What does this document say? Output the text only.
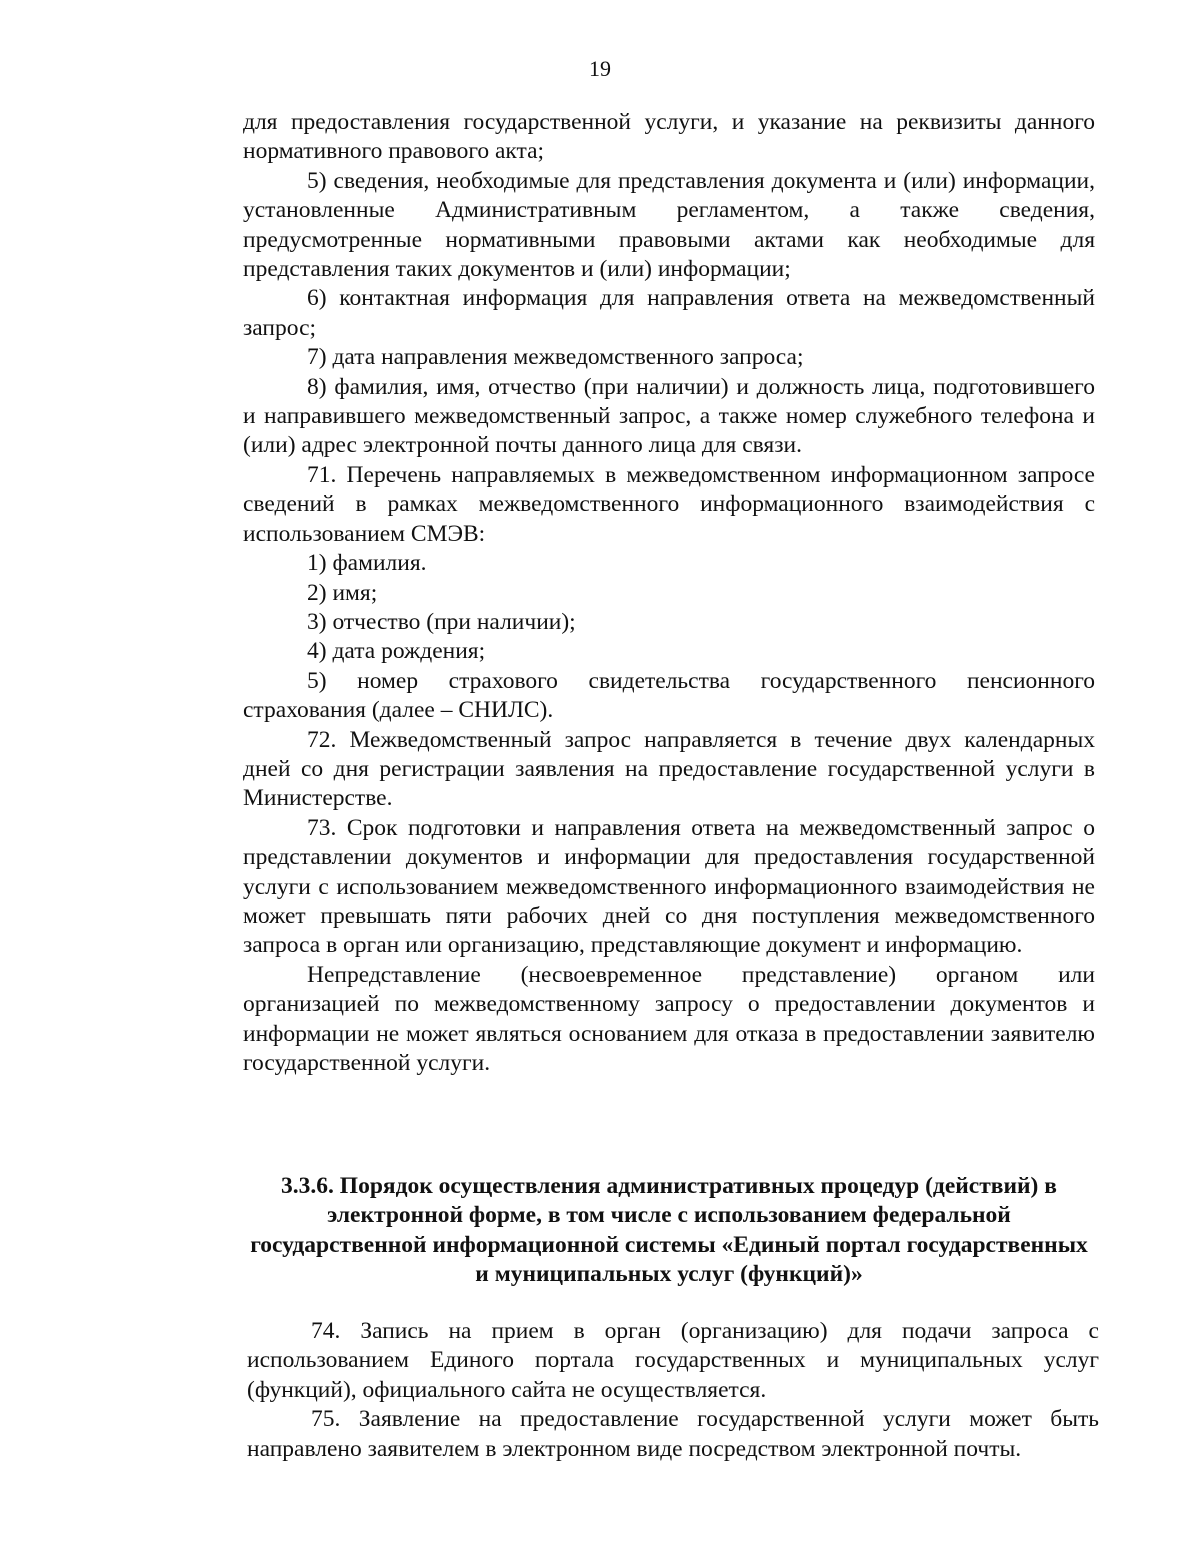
19

для предоставления государственной услуги, и указание на реквизиты данного нормативного правового акта;

5) сведения, необходимые для представления документа и (или) информации, установленные Административным регламентом, а также сведения, предусмотренные нормативными правовыми актами как необходимые для представления таких документов и (или) информации;

6) контактная информация для направления ответа на межведомственный запрос;

7) дата направления межведомственного запроса;

8) фамилия, имя, отчество (при наличии) и должность лица, подготовившего и направившего межведомственный запрос, а также номер служебного телефона и (или) адрес электронной почты данного лица для связи.

71. Перечень направляемых в межведомственном информационном запросе сведений в рамках межведомственного информационного взаимодействия с использованием СМЭВ:

1) фамилия.

2) имя;

3) отчество (при наличии);

4) дата рождения;

5) номер страхового свидетельства государственного пенсионного страхования (далее – СНИЛС).

72. Межведомственный запрос направляется в течение двух календарных дней со дня регистрации заявления на предоставление государственной услуги в Министерстве.

73. Срок подготовки и направления ответа на межведомственный запрос о представлении документов и информации для предоставления государственной услуги с использованием межведомственного информационного взаимодействия не может превышать пяти рабочих дней со дня поступления межведомственного запроса в орган или организацию, представляющие документ и информацию.

Непредставление (несвоевременное представление) органом или организацией по межведомственному запросу о предоставлении документов и информации не может являться основанием для отказа в предоставлении заявителю государственной услуги.

3.3.6. Порядок осуществления административных процедур (действий) в электронной форме, в том числе с использованием федеральной государственной информационной системы «Единый портал государственных и муниципальных услуг (функций)»

74. Запись на прием в орган (организацию) для подачи запроса с использованием Единого портала государственных и муниципальных услуг (функций), официального сайта не осуществляется.

75. Заявление на предоставление государственной услуги может быть направлено заявителем в электронном виде посредством электронной почты.
